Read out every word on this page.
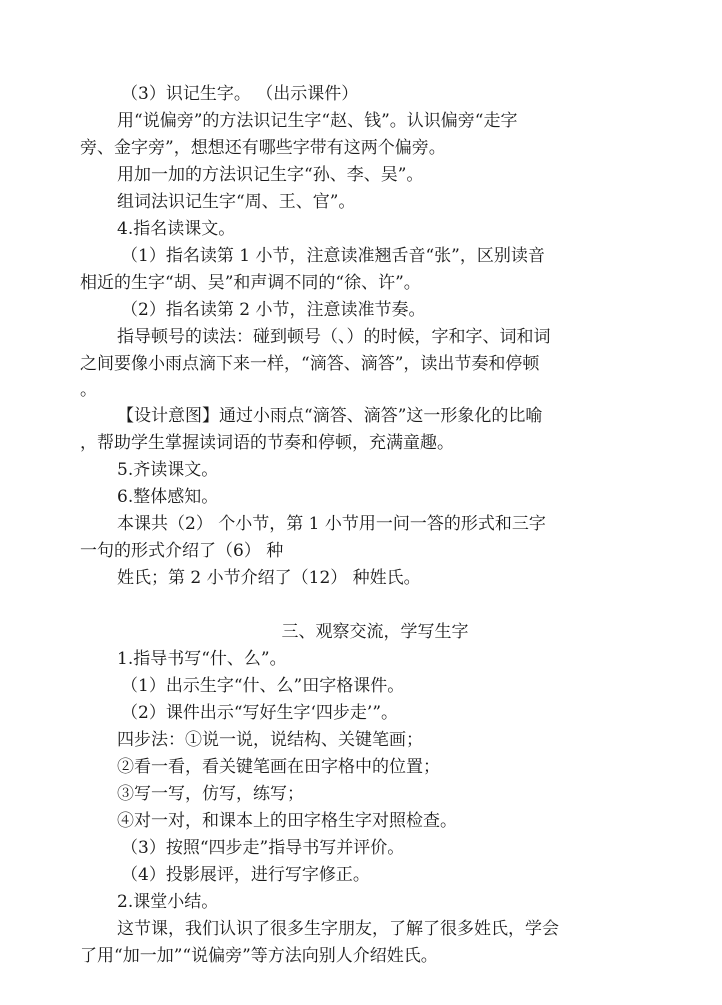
（3）识记生字。 （出示课件）
用“说偏旁”的方法识记生字“赵、钱”。认识偏旁“走字
旁、金字旁”，想想还有哪些字带有这两个偏旁。
用加一加的方法识记生字“孙、李、吴”。
组词法识记生字“周、王、官”。
4.指名读课文。
（1）指名读第 1 小节，注意读准翘舌音“张”，区别读音
相近的生字“胡、吴”和声调不同的“徐、许”。
（2）指名读第 2 小节，注意读准节奏。
指导顿号的读法：碰到顿号（、）的时候，字和字、词和词
之间要像小雨点滴下来一样，“滴答、滴答”，读出节奏和停顿
。
【设计意图】通过小雨点“滴答、滴答”这一形象化的比喻
，帮助学生掌握读词语的节奏和停顿，充满童趣。
5.齐读课文。
6.整体感知。
本课共（2） 个小节，第 1 小节用一问一答的形式和三字
一句的形式介绍了（6） 种
姓氏；第 2 小节介绍了（12） 种姓氏。
三、观察交流，学写生字
1.指导书写“什、么”。
（1）出示生字“什、么”田字格课件。
（2）课件出示“写好生字‘四步走’”。
四步法：①说一说，说结构、关键笔画；
②看一看，看关键笔画在田字格中的位置；
③写一写，仿写，练写；
④对一对，和课本上的田字格生字对照检查。
（3）按照“四步走”指导书写并评价。
（4）投影展评，进行写字修正。
2.课堂小结。
这节课，我们认识了很多生字朋友，了解了很多姓氏，学会
了用“加一加”“说偏旁”等方法向别人介绍姓氏。
